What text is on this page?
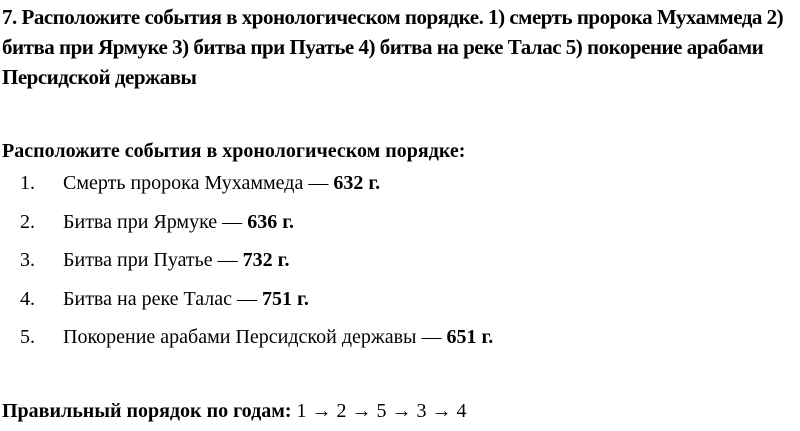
7. Расположите события в хронологическом порядке. 1) смерть пророка Мухаммеда 2) битва при Ярмуке 3) битва при Пуатье 4) битва на реке Талас 5) покорение арабами Персидской державы
Расположите события в хронологическом порядке:
1.	Смерть пророка Мухаммеда — 632 г.
2.	Битва при Ярмуке — 636 г.
3.	Битва при Пуатье — 732 г.
4.	Битва на реке Талас — 751 г.
5.	Покорение арабами Персидской державы — 651 г.
Правильный порядок по годам: 1 → 2 → 5 → 3 → 4
